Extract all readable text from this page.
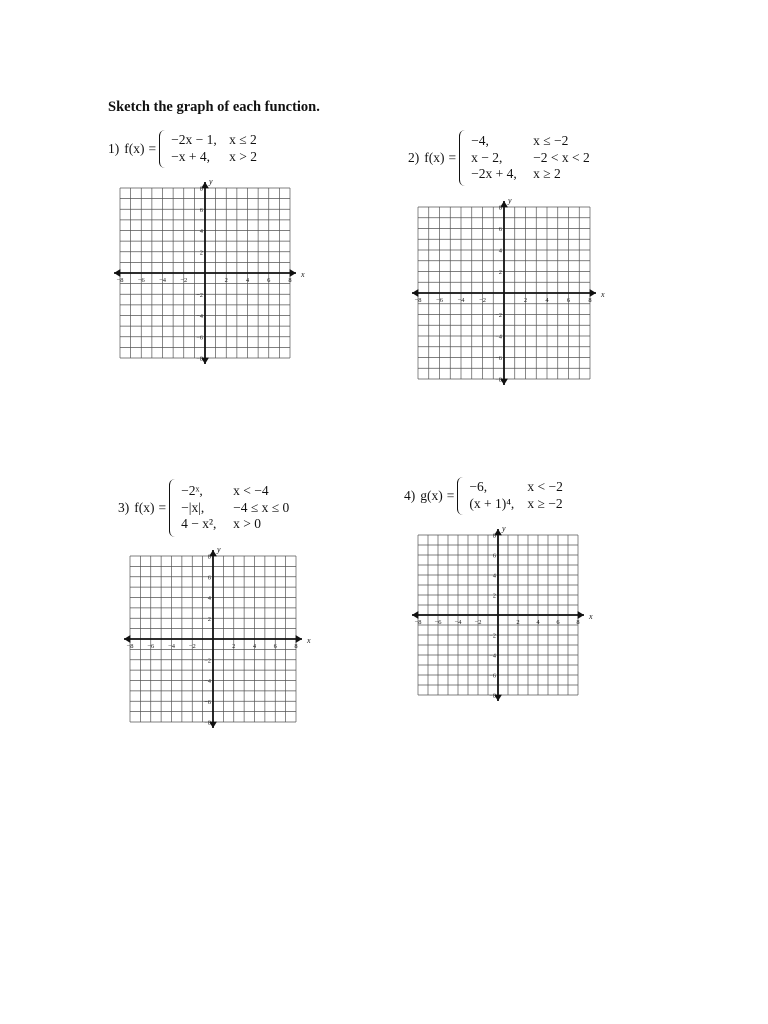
Sketch the graph of each function.
1) f(x) =
−2x − 1, x ≤ 2
−x + 4,	x > 2	2) f(x) =
−4,	x ≤ −2
x − 2,	−2 < x < 2
−2x + 4,	x ≥ 2
3) f(x) =
−2ˣ,	x < −4
−|x|,	−4 ≤ x ≤ 0
4 − x²,	x > 0
4) g(x) =
−6,	x < −2
(x + 1)⁴, x ≥ −2
−8 −6 −4 −2	2	4	6	8
8
6
4
2
−2
−4
−6
−8
x
y
−8 −6 −4 −2	2	4	6	8
8
6
4
2
−2
−4
−6
−8
x
y
−8 −6 −4 −2	2	4	6	8
8
6
4
2
−2
−4
−6
−8
x
y
−8 −6 −4 −2	2	4	6	8
8
6
4
2
−2
−4
−6
−8
x
y
